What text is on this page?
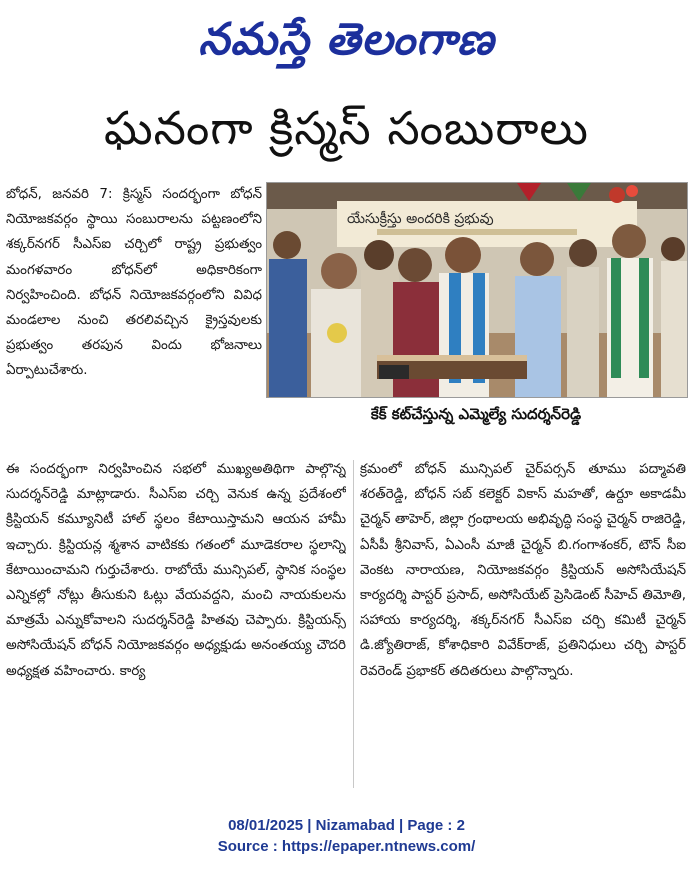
నమస్తే తెలంగాణ
ఘనంగా క్రిస్మస్ సంబురాలు

బోధన్, జనవరి 7: క్రిస్మస్ సందర్భంగా బోధన్ నియోజకవర్గం స్థాయి సంబురాలను పట్టణంలోని శక్కర్‌నగర్ సీఎస్ఐ చర్చిలో రాష్ట్ర ప్రభుత్వం మంగళవారం బోధన్‌లో అధికారికంగా నిర్వహించింది. బోధన్ నియోజకవర్గంలోని వివిధ మండలాల నుంచి తరలివచ్చిన క్రైస్తవులకు ప్రభుత్వం తరపున విందు భోజనాలు ఏర్పాటుచేశారు.

యేసుక్రీస్తు అందరికి ప్రభువు
కేక్ కట్‌చేస్తున్న ఎమ్మెల్యే సుదర్శన్‌రెడ్డి

ఈ సందర్భంగా నిర్వహించిన సభలో ముఖ్యఅతిథిగా పాల్గొన్న సుదర్శన్‌రెడ్డి మాట్లాడారు. సీఎస్ఐ చర్చి వెనుక ఉన్న ప్రదేశంలో క్రిస్టియన్ కమ్యూనిటీ హాల్ స్థలం కేటాయిస్తామని ఆయన హామీ ఇచ్చారు. క్రిస్టియన్ల శ్మశాన వాటికకు గతంలో మూడెకరాల స్థలాన్ని కేటాయించామని గుర్తుచేశారు. రాబోయే మున్సిపల్, స్థానిక సంస్థల ఎన్నికల్లో నోట్లు తీసుకుని ఓట్లు వేయవద్దని, మంచి నాయకులను మాత్రమే ఎన్నుకోవాలని సుదర్శన్‌రెడ్డి హితవు చెప్పారు. క్రిస్టియన్స్ అసోసియేషన్ బోధన్ నియోజకవర్గం అధ్యక్షుడు అనంతయ్య చౌదరి అధ్యక్షత వహించారు. కార్య

క్రమంలో బోధన్ మున్సిపల్ చైర్‌పర్సన్ తూము పద్మావతి శరత్‌రెడ్డి, బోధన్ సబ్ కలెక్టర్ వికాస్ మహతో, ఉర్దూ అకాడమీ చైర్మన్ తాహెర్, జిల్లా గ్రంథాలయ అభివృద్ధి సంస్థ చైర్మన్ రాజిరెడ్డి, ఏసీపీ శ్రీనివాస్, ఏఎంసీ మాజీ చైర్మన్ బి.గంగాశంకర్, టౌన్ సీఐ వెంకట నారాయణ, నియోజకవర్గం క్రిస్టియన్ అసోసియేషన్ కార్యదర్శి పాస్టర్ ప్రసాద్, అసోసియేట్ ప్రెసిడెంట్ సీహెచ్ తిమోతి, సహాయ కార్యదర్శి, శక్కర్‌నగర్ సీఎస్ఐ చర్చి కమిటీ చైర్మన్ డి.జ్యోతిరాజ్, కోశాధికారి వివేక్‌రాజ్, ప్రతినిధులు చర్చి పాస్టర్ రెవరెండ్ ప్రభాకర్ తదితరులు పాల్గొన్నారు.

08/01/2025 | Nizamabad | Page : 2
Source : https://epaper.ntnews.com/
